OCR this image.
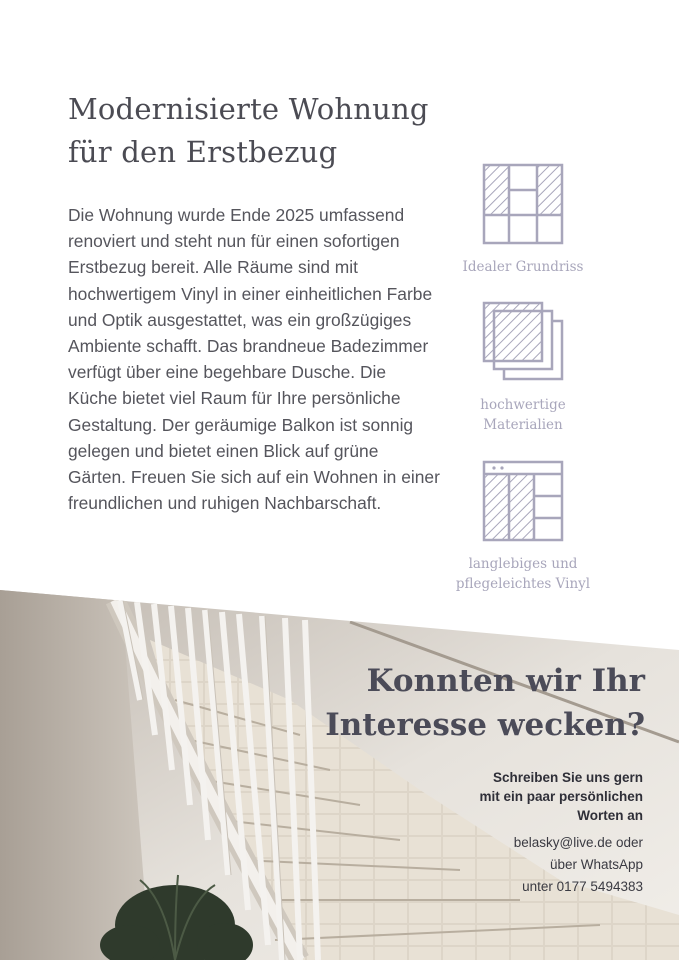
Modernisierte Wohnung
für den Erstbezug

Die Wohnung wurde Ende 2025 umfassend renoviert und steht nun für einen sofortigen Erstbezug bereit. Alle Räume sind mit hochwertigem Vinyl in einer einheitlichen Farbe und Optik ausgestattet, was ein großzügiges Ambiente schafft. Das brandneue Badezimmer verfügt über eine begehbare Dusche. Die Küche bietet viel Raum für Ihre persönliche Gestaltung. Der geräumige Balkon ist sonnig gelegen und bietet einen Blick auf grüne Gärten. Freuen Sie sich auf ein Wohnen in einer freundlichen und ruhigen Nachbarschaft.

Idealer Grundriss
hochwertige
Materialien
langlebiges und
pflegeleichtes Vinyl
Konnten wir Ihr
Interesse wecken?

Schreiben Sie uns gern
mit ein paar persönlichen
Worten an

belasky@live.de oder
über WhatsApp
unter 0177 5494383
